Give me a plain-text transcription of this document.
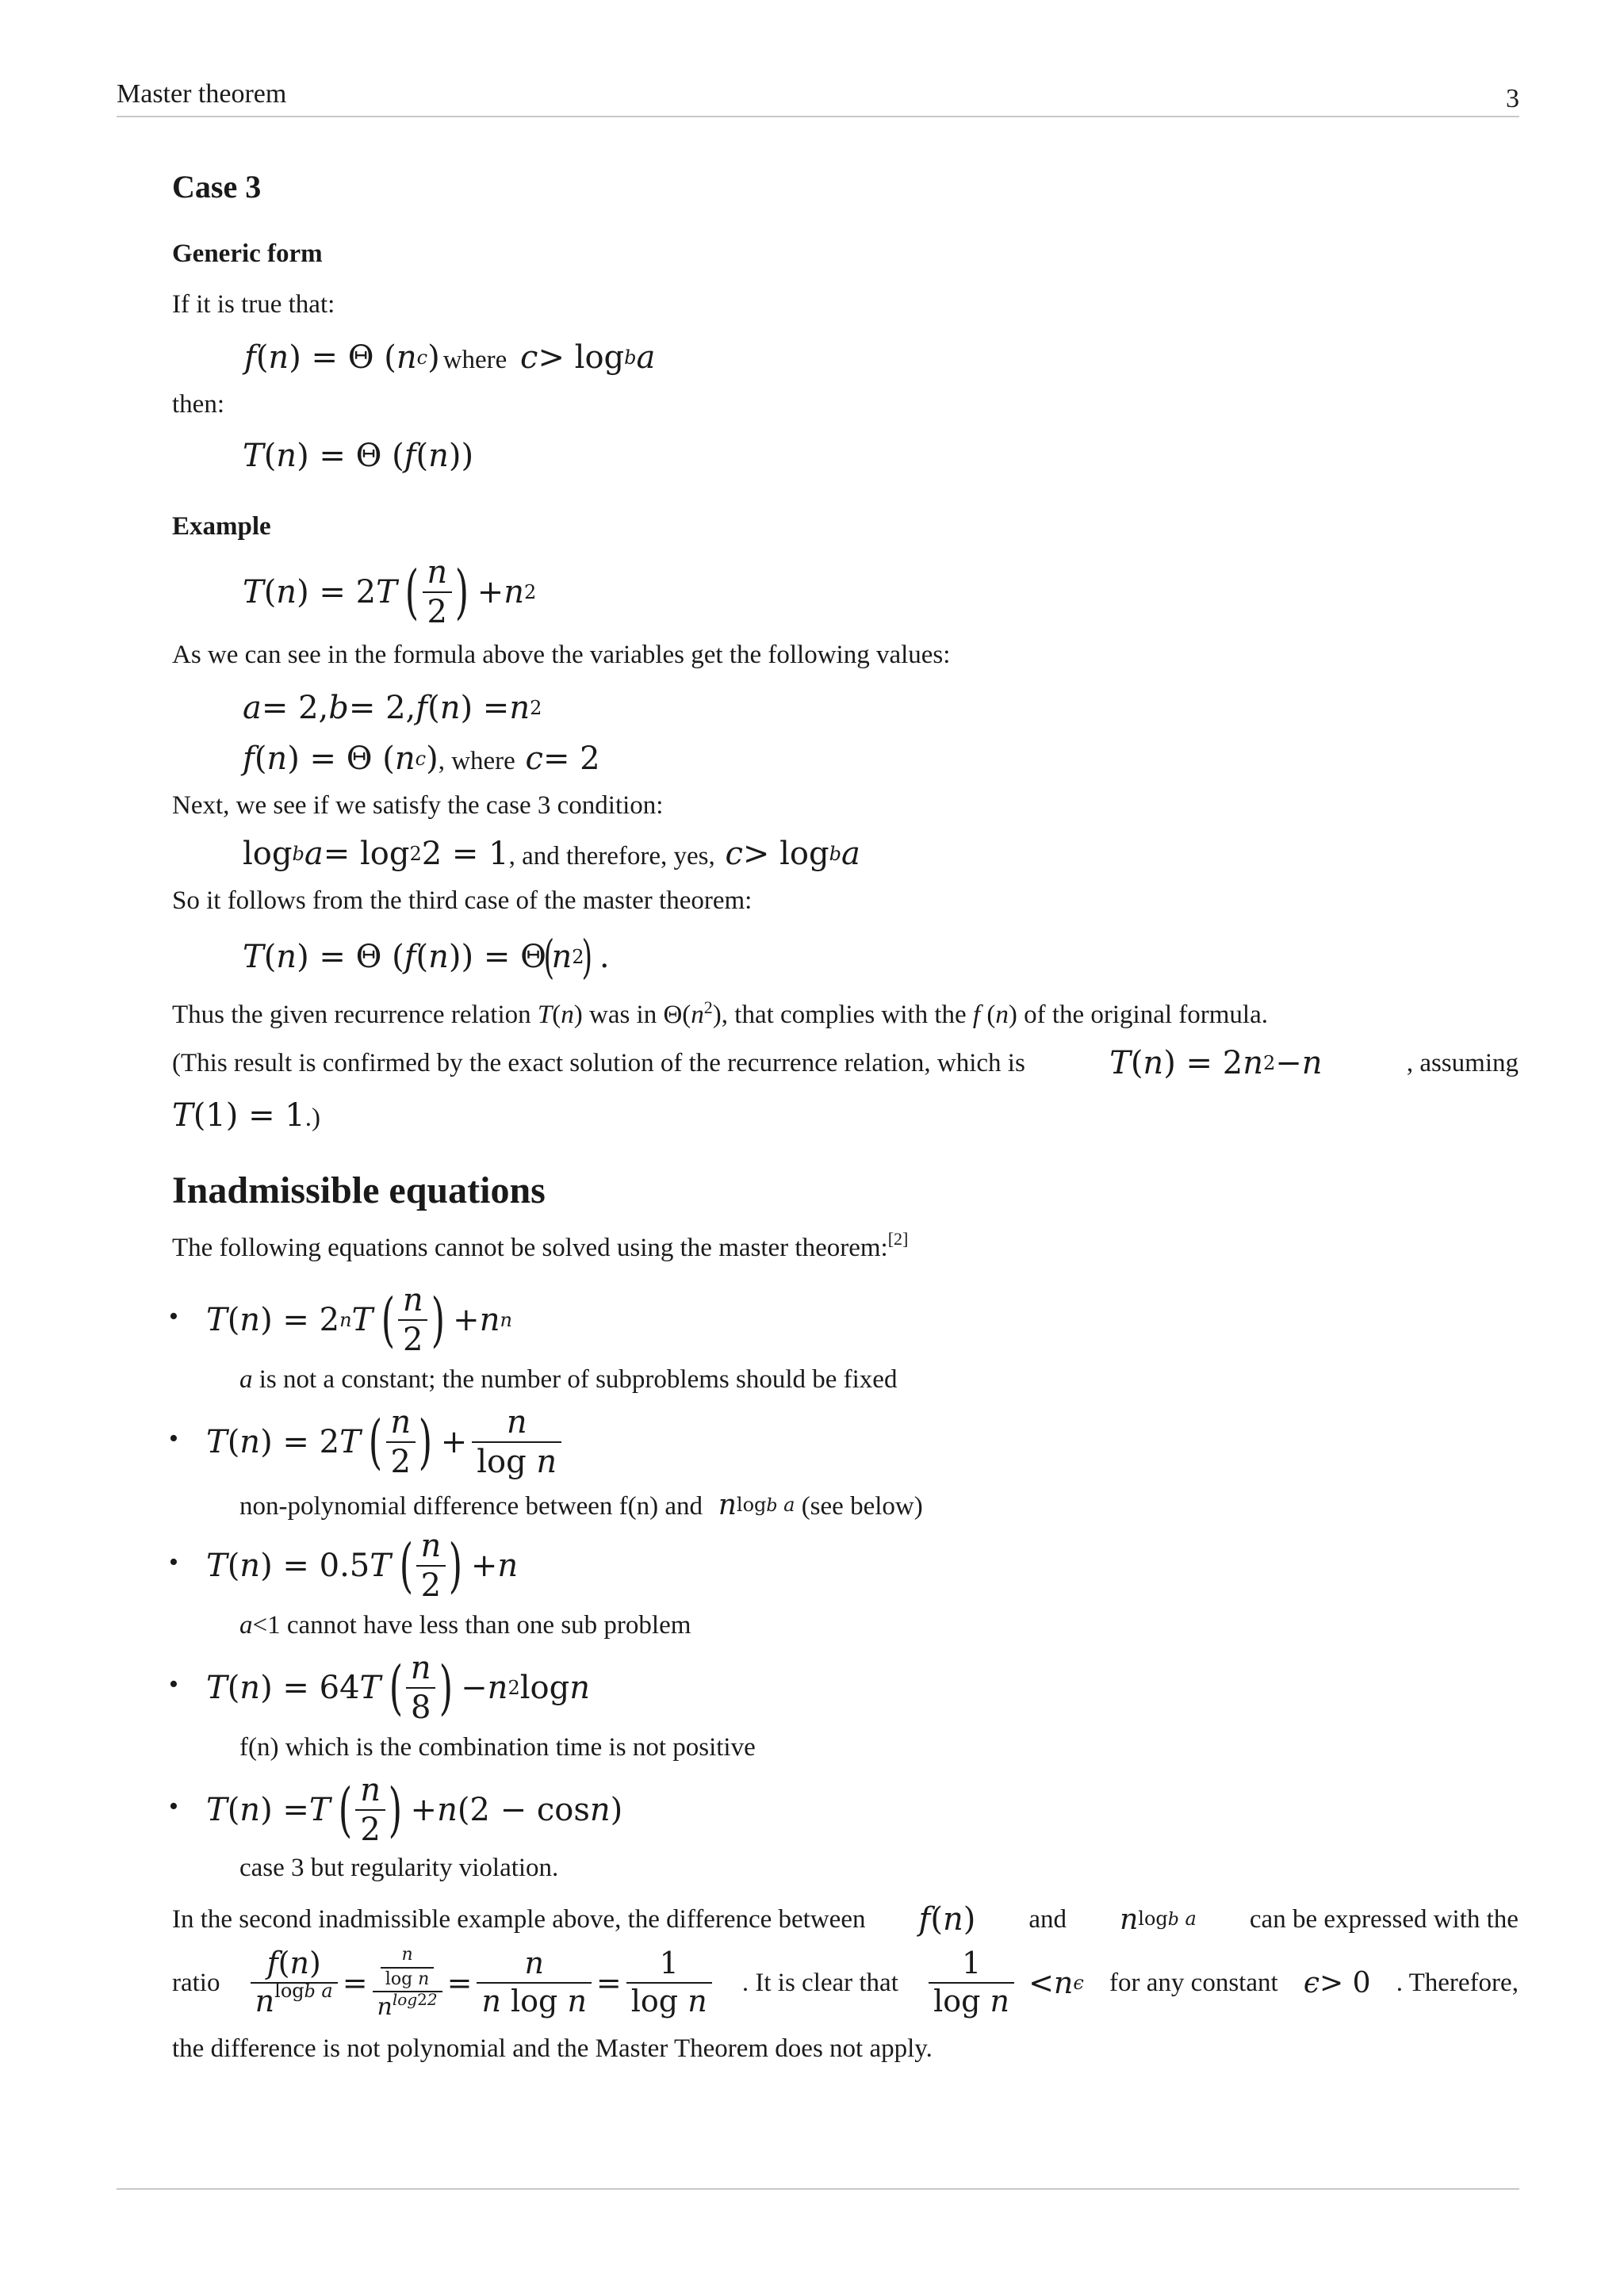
Master theorem	3
Case 3
Generic form
If it is true that:
f ( n ) = Θ ( n c ) where c > log b a
then:
T ( n ) = Θ ( f ( n ))
Example
T ( n ) = 2 T
( $\frac{n}{2}$ )
+ n 2
As we can see in the formula above the variables get the following values:
a = 2, b = 2, f ( n ) = n 2
f ( n ) = Θ ( n c ), where c = 2
Next, we see if we satisfy the case 3 condition:
log b a = log 2 2 = 1, and therefore, yes, c > log b a
So it follows from the third case of the master theorem:
T ( n ) = Θ ( f ( n )) = Θ
(
n 2
)
.
Thus the given recurrence relation T(n) was in $\Theta(n^2)$, that complies with the f (n) of the original formula.
(This result is confirmed by the exact solution of the recurrence relation, which is	T ( n ) = 2 n 2 − n	, assuming
T (1) = 1.)
Inadmissible equations
The following equations cannot be solved using the master theorem:[2]
• T ( n ) = 2 n T
( $\frac{n}{2}$ )
+ n n
a is not a constant; the number of subproblems should be fixed
• T ( n ) = 2 T
( $\frac{n}{2}$ )
+ $\frac{n}{\text{log n}}$
non-polynomial difference between f(n) and n logb a (see below)
• T ( n ) = 0.5 T
( $\frac{n}{2}$ )
+ n
a<1 cannot have less than one sub problem
• T ( n ) = 64 T
( $\frac{n}{8}$ )
− n 2 log n
f(n) which is the combination time is not positive
• T ( n ) = T
( $\frac{n}{2}$ )
+ n (2 − cos n )
case 3 but regularity violation.
In the second inadmissible example above, the difference between f ( n ) and n logb a can be expressed with the
ratio $\frac{f(n)}{n^{logb a}} = \frac{\frac{n}{\text{log n}}}{n^{log22}} = \frac{n}{\text{n log n}} = \frac{1}{\text{log n}}$ . It is clear that $\frac{1}{\text{log n}} < n$ ϵ for any constant ϵ > 0 . Therefore,
the difference is not polynomial and the Master Theorem does not apply.
